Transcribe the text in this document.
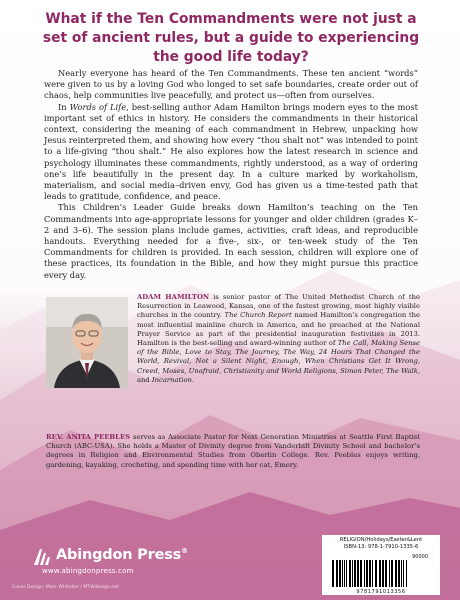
What if the Ten Commandments were not just a set of ancient rules, but a guide to experiencing the good life today?

Nearly everyone has heard of the Ten Commandments. These ten ancient “words” were given to us by a loving God who longed to set safe boundaries, create order out of chaos, help communities live peacefully, and protect us—often from ourselves.

In Words of Life, best-selling author Adam Hamilton brings modern eyes to the most important set of ethics in history. He considers the commandments in their historical context, considering the meaning of each commandment in Hebrew, unpacking how Jesus reinterpreted them, and showing how every “thou shalt not” was intended to point to a life-giving “thou shalt.” He also explores how the latest research in science and psychology illuminates these commandments, rightly understood, as a way of ordering one’s life beautifully in the present day. In a culture marked by workaholism, materialism, and social media–driven envy, God has given us a time-tested path that leads to gratitude, confidence, and peace.

This Children’s Leader Guide breaks down Hamilton’s teaching on the Ten Commandments into age-appropriate lessons for younger and older children (grades K–2 and 3–6). The session plans include games, activities, craft ideas, and reproducible handouts. Everything needed for a five-, six-, or ten-week study of the Ten Commandments for children is provided. In each session, children will explore one of these practices, its foundation in the Bible, and how they might pursue this practice every day.

ADAM HAMILTON is senior pastor of The United Methodist Church of the Resurrection in Leawood, Kansas, one of the fastest growing, most highly visible churches in the country. The Church Report named Hamilton’s congregation the most influential mainline church in America, and he preached at the National Prayer Service as part of the presidential inauguration festivities in 2013. Hamilton is the best-selling and award-winning author of The Call, Making Sense of the Bible, Love to Stay, The Journey, The Way, 24 Hours That Changed the World, Revival, Not a Silent Night, Enough, When Christians Get It Wrong, Creed, Moses, Unafraid, Christianity and World Religions, Simon Peter, The Walk, and Incarnation.
REV. ANITA PEEBLES serves as Associate Pastor for Next Generation Ministries at Seattle First Baptist Church (ABC-USA). She holds a Master of Divinity degree from Vanderbilt Divinity School and bachelor’s degrees in Religion and Environmental Studies from Oberlin College. Rev. Peebles enjoys writing, gardening, kayaking, crocheting, and spending time with her cat, Emery.
Abingdon Press®
www.abingdonpress.com
Cover Design: Marc Whitaker / MTWdesign.net
RELIGION/Holidays/Easter&Lent
ISBN-13: 978-1-7910-1335-6
90000
9781791013356
